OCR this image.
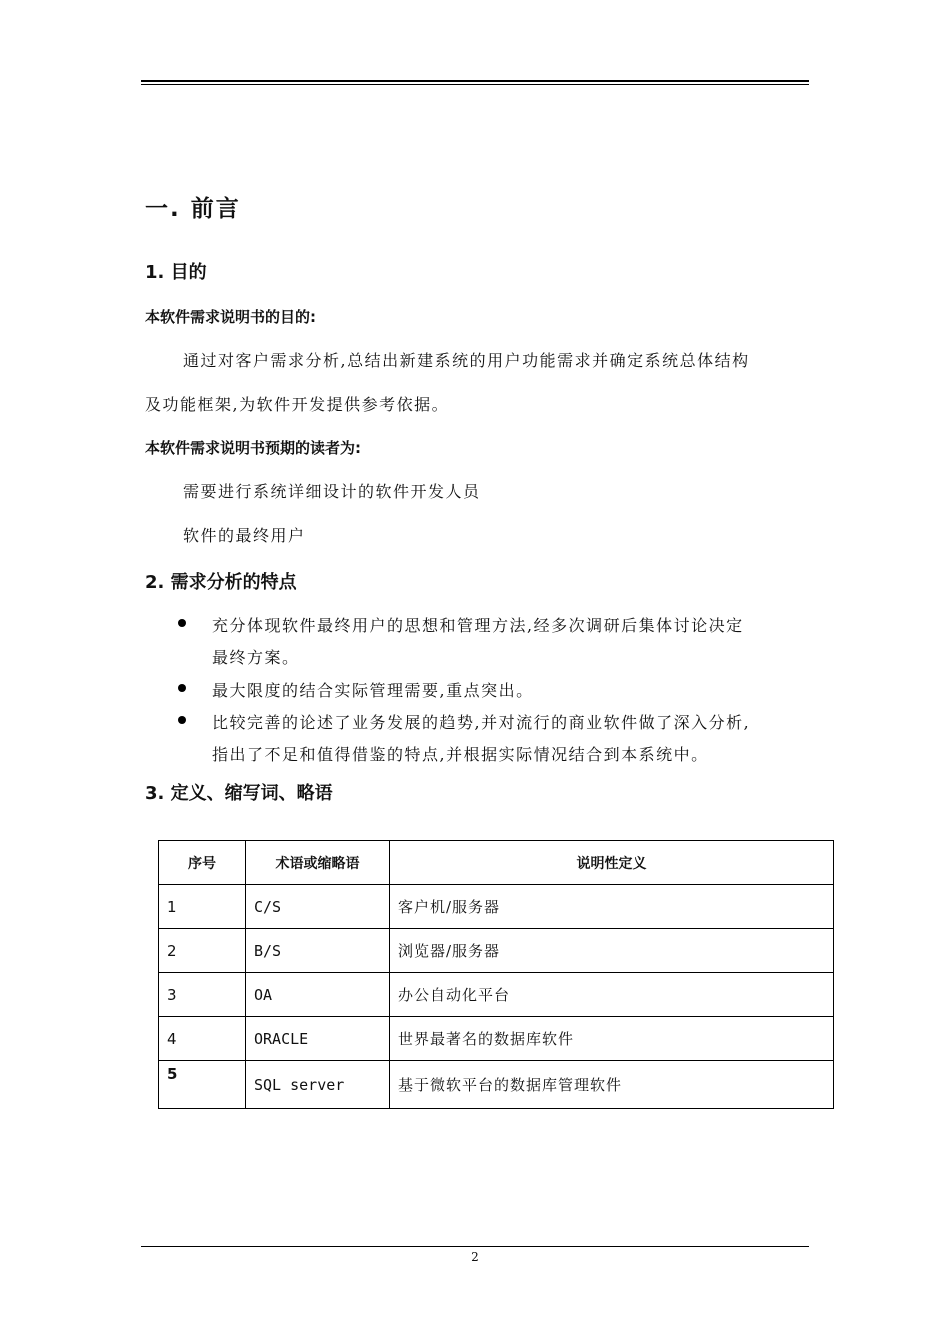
一. 前言
1. 目的
本软件需求说明书的目的:
通过对客户需求分析,总结出新建系统的用户功能需求并确定系统总体结构
及功能框架,为软件开发提供参考依据。
本软件需求说明书预期的读者为:
需要进行系统详细设计的软件开发人员
软件的最终用户
2. 需求分析的特点
充分体现软件最终用户的思想和管理方法,经多次调研后集体讨论决定
最终方案。
最大限度的结合实际管理需要,重点突出。
比较完善的论述了业务发展的趋势,并对流行的商业软件做了深入分析,
指出了不足和值得借鉴的特点,并根据实际情况结合到本系统中。
3. 定义、缩写词、略语
序号	术语或缩略语	说明性定义
1	C/S	客户机/服务器
2	B/S	浏览器/服务器
3	OA	办公自动化平台
4	ORACLE	世界最著名的数据库软件
5	SQL server	基于微软平台的数据库管理软件
2
